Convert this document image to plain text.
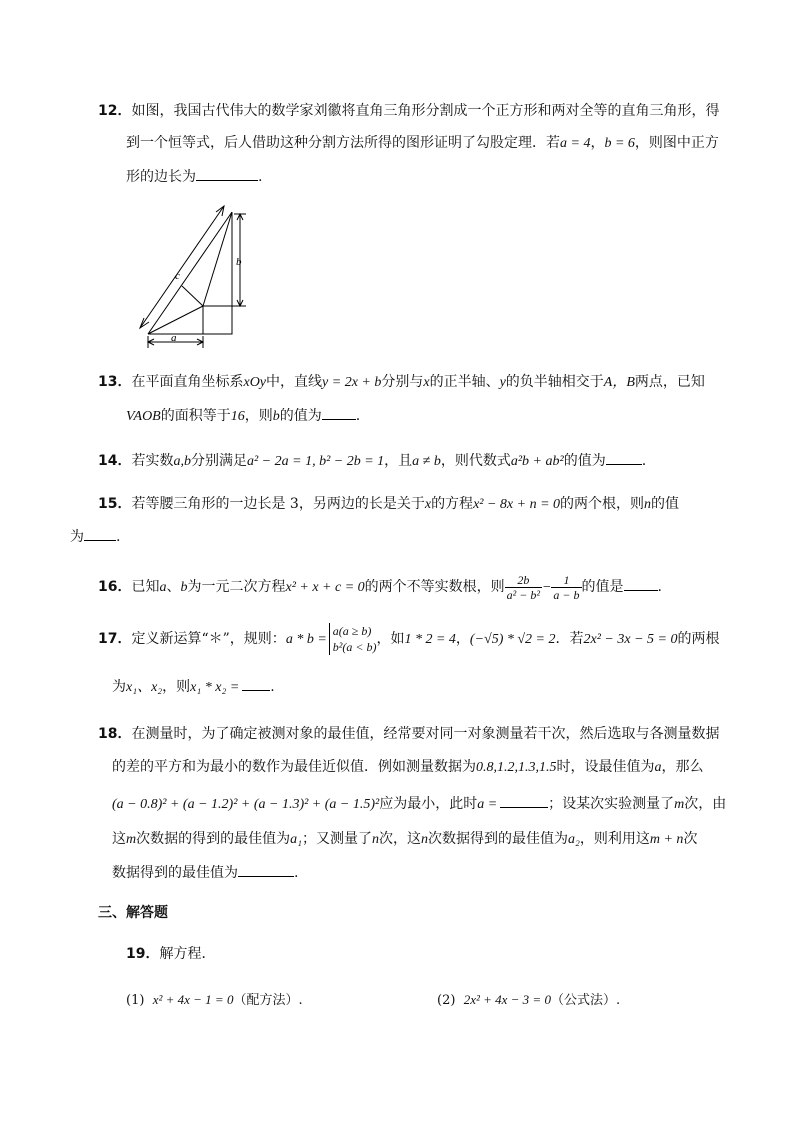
12．如图，我国古代伟大的数学家刘徽将直角三角形分割成一个正方形和两对全等的直角三角形，得
到一个恒等式，后人借助这种分割方法所得的图形证明了勾股定理．若a = 4，b = 6，则图中正方
形的边长为	.
c
b
a
13．在平面直角坐标系xOy中，直线y = 2x + b分别与x的正半轴、y的负半轴相交于A，B两点，已知
VAOB的面积等于16，则b的值为 .
14．若实数a,b分别满足a² − 2a = 1, b² − 2b = 1，且a ≠ b，则代数式a²b + ab²的值为	.
15．若等腰三角形的一边长是 3，另两边的长是关于x的方程x² − 8x + n = 0的两个根，则n的值
为 .
16．已知a、b为一元二次方程x² + x + c = 0的两个不等实数根，则 $\frac{2b}{\text{a² − b²}} - \frac{1}{a - b}$ 的值是 .
17．定义新运算“＊”，规则：a * b =
a(a ≥ b)
b²(a < b) ，如1 * 2 = 4，(−√5) * √2 = 2．若2x² − 3x − 5 = 0的两根
为x₁、x₂，则x₁ * x₂ = .
18．在测量时，为了确定被测对象的最佳值，经常要对同一对象测量若干次，然后选取与各测量数据
的差的平方和为最小的数作为最佳近似值．例如测量数据为0.8,1.2,1.3,1.5时，设最佳值为a，那么
(a − 0.8)² + (a − 1.2)² + (a − 1.3)² + (a − 1.5)²应为最小，此时a =	；设某次实验测量了m次，由
这m次数据的得到的最佳值为a₁；又测量了n次，这n次数据得到的最佳值为a₂，则利用这m + n次
数据得到的最佳值为	.
三、解答题
19．解方程．
(1) x² + 4x − 1 = 0（配方法）.	(2) 2x² + 4x − 3 = 0（公式法）.
